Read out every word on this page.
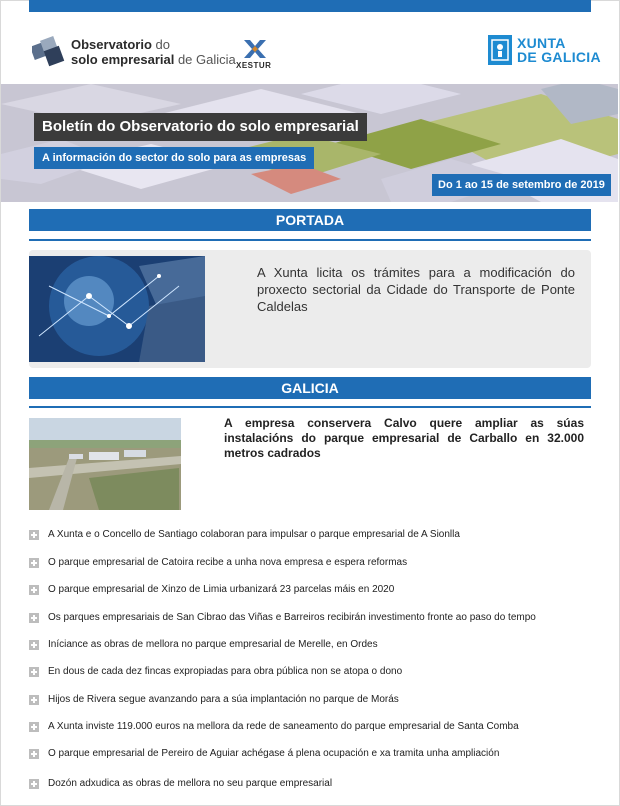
Observatorio do
solo empresarial de Galicia XESTUR
XUNTA
DE GALICIA
Boletín do Observatorio do solo empresarial
A información do sector do solo para as empresas
Do 1 ao 15 de setembro de 2019
PORTADA
A Xunta licita os trámites para a modificación do proxecto sectorial da Cidade do Transporte de Ponte Caldelas
GALICIA
A empresa conservera Calvo quere ampliar as súas instalacións do parque empresarial de Carballo en 32.000 metros cadrados
A Xunta e o Concello de Santiago colaboran para impulsar o parque empresarial de A Sionlla
O parque empresarial de Catoira recibe a unha nova empresa e espera reformas
O parque empresarial de Xinzo de Limia urbanizará 23 parcelas máis en 2020
Os parques empresariais de San Cibrao das Viñas e Barreiros recibirán investimento fronte ao paso do tempo
Iníciance as obras de mellora no parque empresarial de Merelle, en Ordes
En dous de cada dez fincas expropiadas para obra pública non se atopa o dono
Hijos de Rivera segue avanzando para a súa implantación no parque de Morás
A Xunta inviste 119.000 euros na mellora da rede de saneamento do parque empresarial de Santa Comba
O parque empresarial de Pereiro de Aguiar achégase á plena ocupación e xa tramita unha ampliación
Dozón adxudica as obras de mellora no seu parque empresarial
